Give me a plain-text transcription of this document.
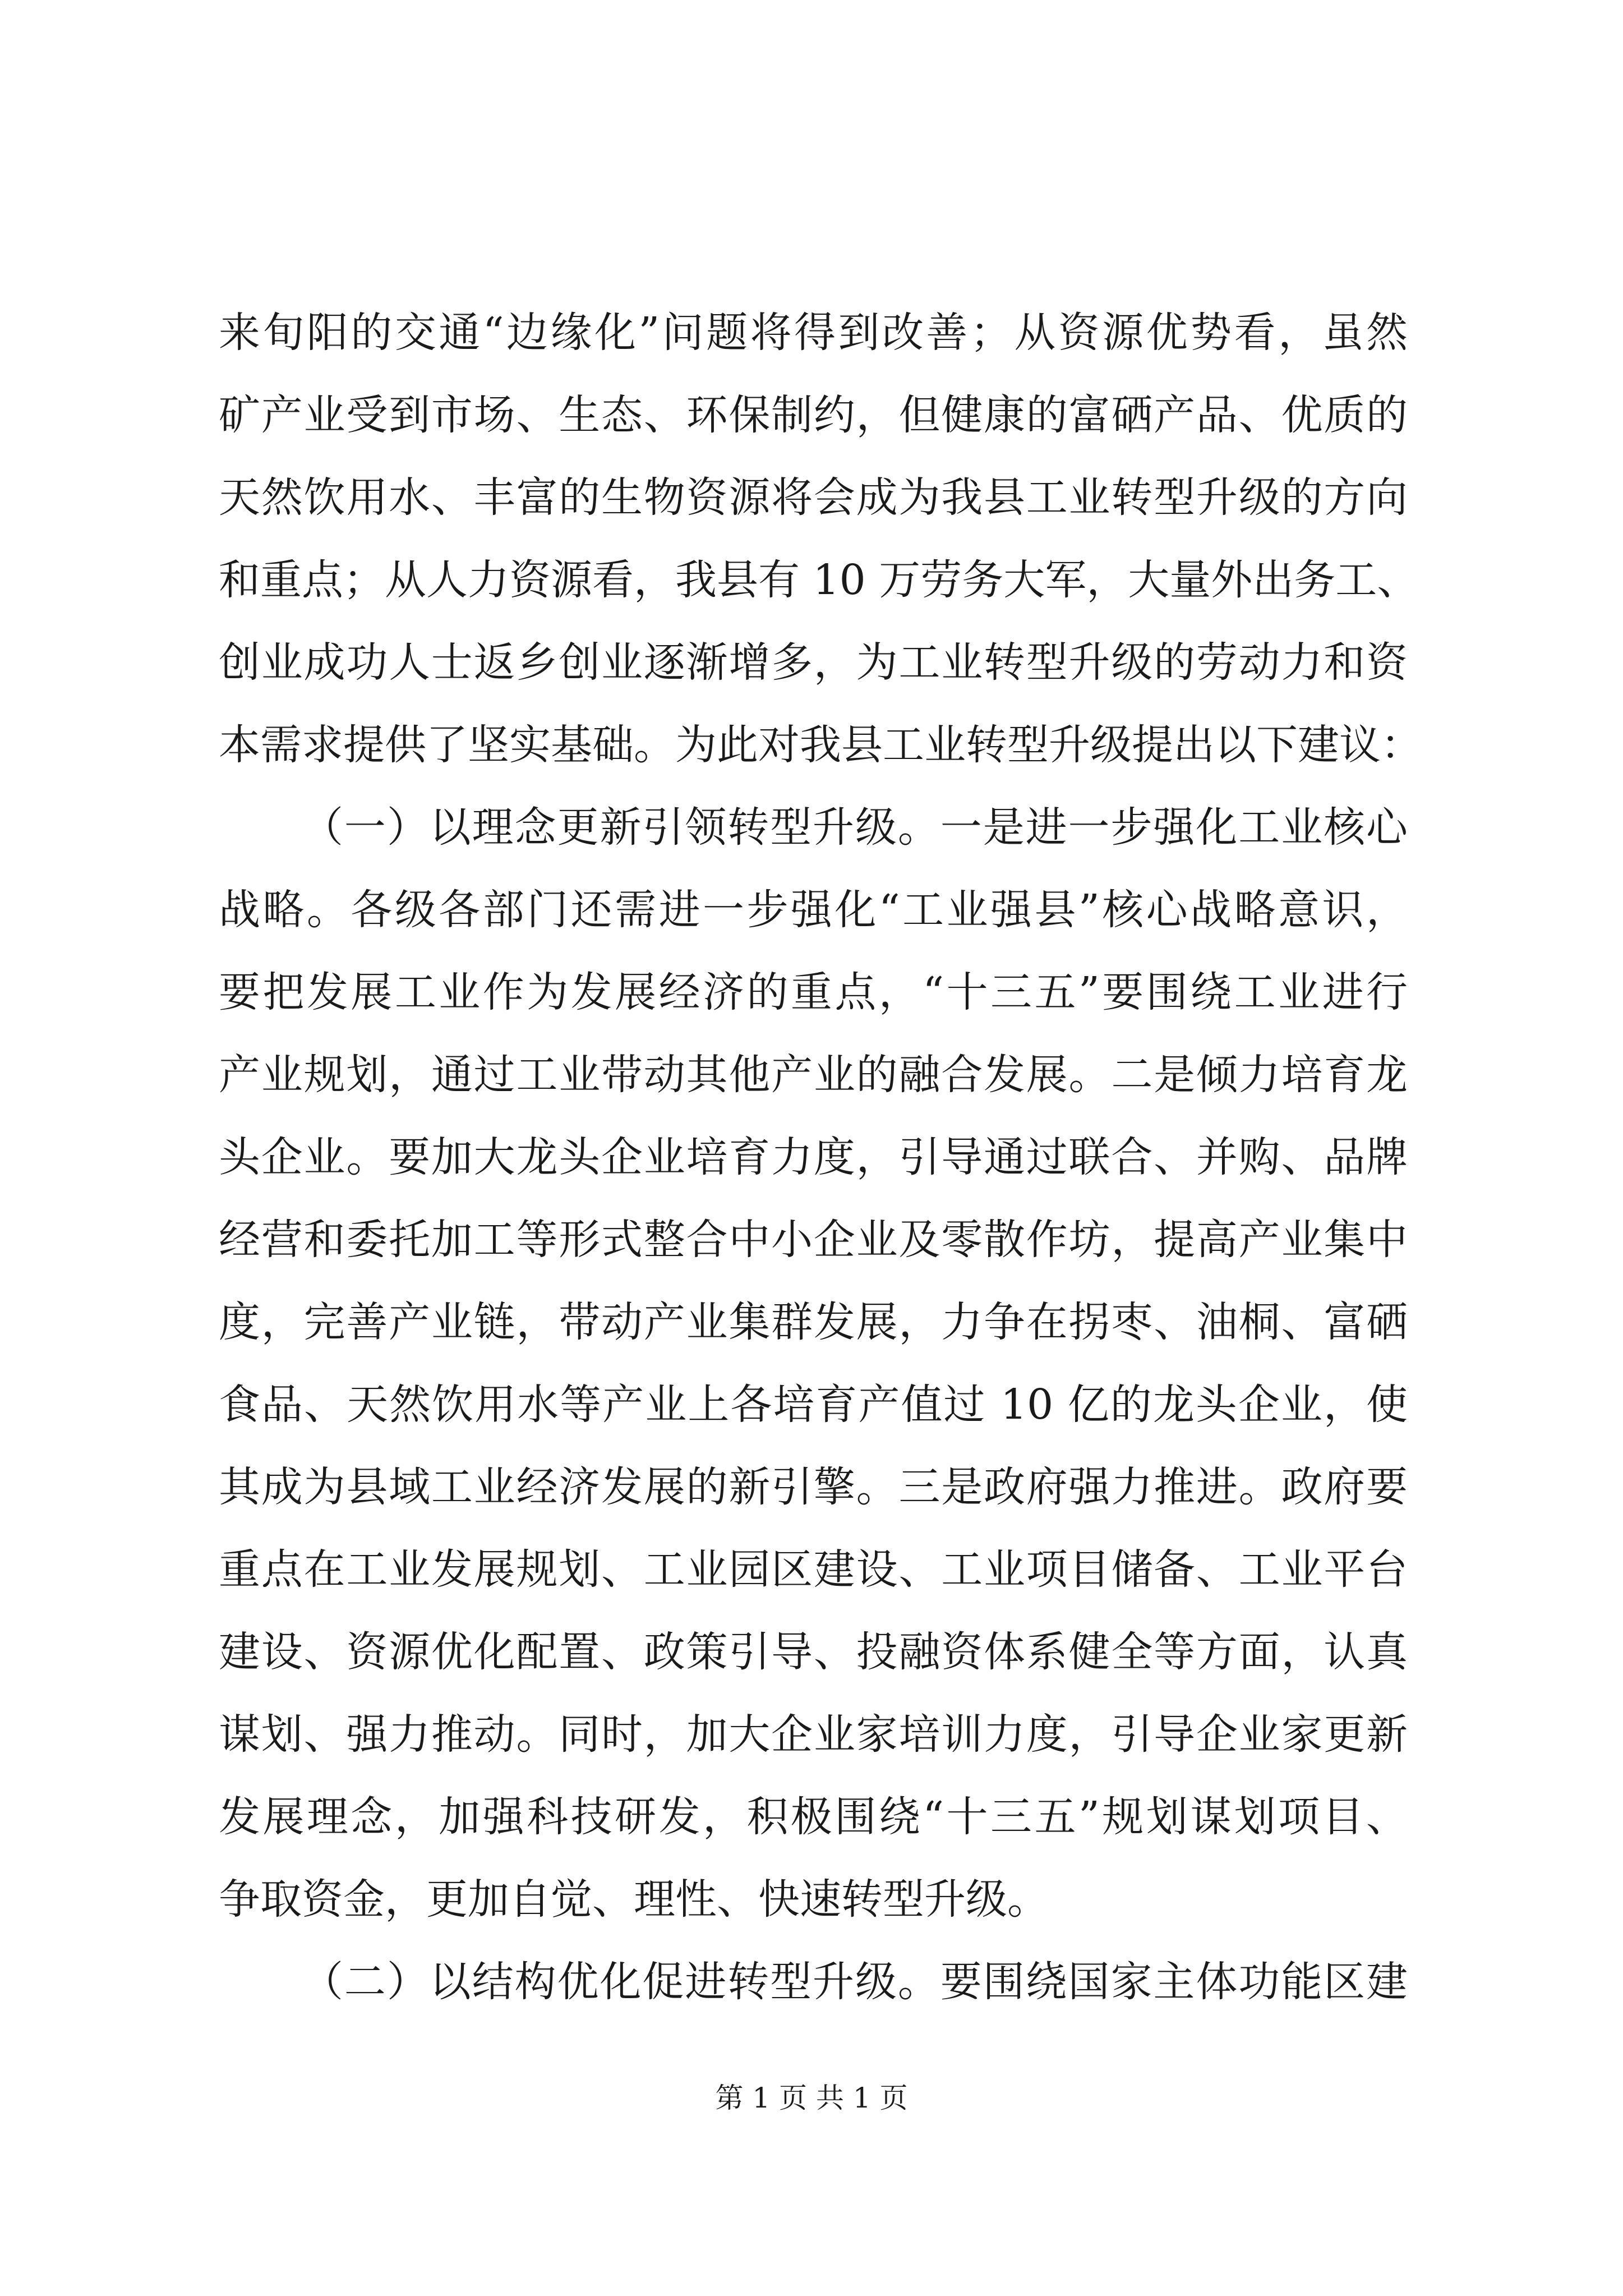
来旬阳的交通“边缘化”问题将得到改善；从资源优势看，虽然
矿产业受到市场、生态、环保制约，但健康的富硒产品、优质的
天然饮用水、丰富的生物资源将会成为我县工业转型升级的方向
和重点；从人力资源看，我县有 10 万劳务大军，大量外出务工、
创业成功人士返乡创业逐渐增多，为工业转型升级的劳动力和资
本需求提供了坚实基础。为此对我县工业转型升级提出以下建议：
（一）以理念更新引领转型升级。一是进一步强化工业核心
战略。各级各部门还需进一步强化“工业强县”核心战略意识，
要把发展工业作为发展经济的重点，“十三五”要围绕工业进行
产业规划，通过工业带动其他产业的融合发展。二是倾力培育龙
头企业。要加大龙头企业培育力度，引导通过联合、并购、品牌
经营和委托加工等形式整合中小企业及零散作坊，提高产业集中
度，完善产业链，带动产业集群发展，力争在拐枣、油桐、富硒
食品、天然饮用水等产业上各培育产值过 10 亿的龙头企业，使
其成为县域工业经济发展的新引擎。三是政府强力推进。政府要
重点在工业发展规划、工业园区建设、工业项目储备、工业平台
建设、资源优化配置、政策引导、投融资体系健全等方面，认真
谋划、强力推动。同时，加大企业家培训力度，引导企业家更新
发展理念，加强科技研发，积极围绕“十三五”规划谋划项目、
争取资金，更加自觉、理性、快速转型升级。
（二）以结构优化促进转型升级。要围绕国家主体功能区建
第 1 页 共 1 页
